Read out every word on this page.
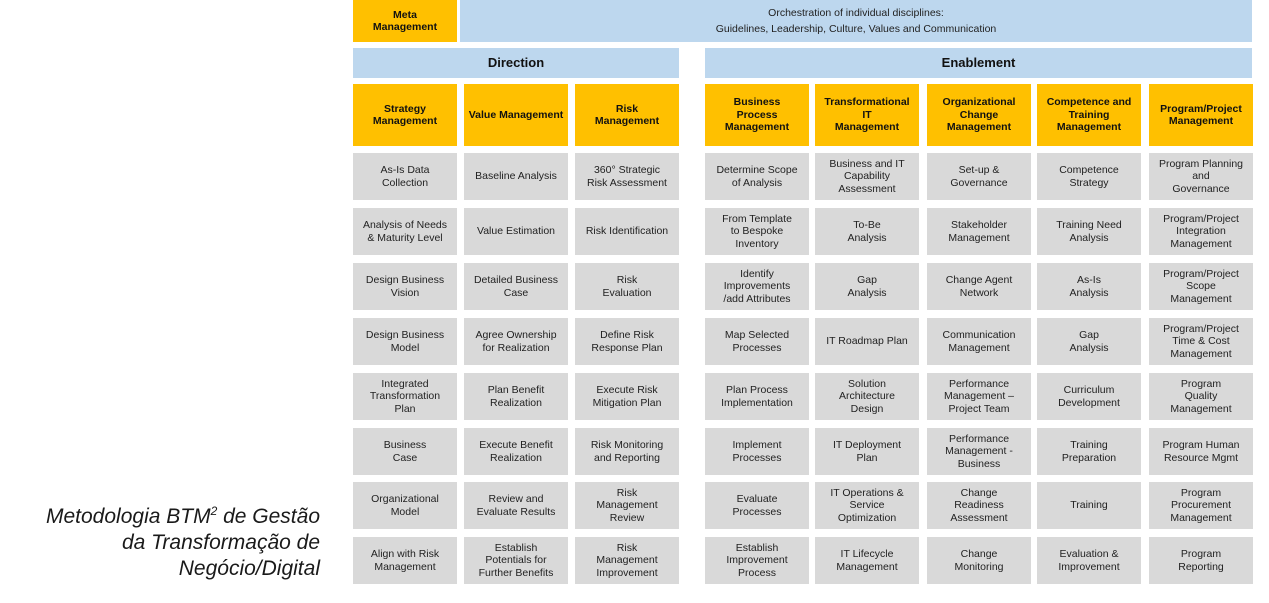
Metodologia BTM$^2$ de Gestão
da Transformação de
Negócio/Digital
Meta
Management
Orchestration of individual disciplines:
Guidelines, Leadership, Culture, Values and Communication
Direction	Enablement
Strategy
Management
As-Is Data
Collection
Analysis of Needs
& Maturity Level
Design Business
Vision
Design Business
Model
Integrated
Transformation
Plan
Business
Case
Organizational
Model
Align with Risk
Management
Value Management
Baseline Analysis
Value Estimation
Detailed Business
Case
Agree Ownership
for Realization
Plan Benefit
Realization
Execute Benefit
Realization
Review and
Evaluate Results
Establish
Potentials for
Further Benefits
Risk
Management
360° Strategic
Risk Assessment
Risk Identification
Risk
Evaluation
Define Risk
Response Plan
Execute Risk
Mitigation Plan
Risk Monitoring
and Reporting
Risk
Management
Review
Risk
Management
Improvement
Business
Process
Management
Determine Scope
of Analysis
From Template
to Bespoke
Inventory
Identify
Improvements
/add Attributes
Map Selected
Processes
Plan Process
Implementation
Implement
Processes
Evaluate
Processes
Establish
Improvement
Process
Transformational IT
Management
Business and IT
Capability
Assessment
To-Be
Analysis
Gap
Analysis
IT Roadmap Plan
Solution
Architecture
Design
IT Deployment
Plan
IT Operations &
Service
Optimization
IT Lifecycle
Management
Organizational
Change
Management
Set-up &
Governance
Stakeholder
Management
Change Agent
Network
Communication
Management
Performance
Management –
Project Team
Performance
Management -
Business
Change
Readiness
Assessment
Change
Monitoring
Competence and
Training
Management
Competence
Strategy
Training Need
Analysis
As-Is
Analysis
Gap
Analysis
Curriculum
Development
Training
Preparation
Training
Evaluation &
Improvement
Program/Project
Management
Program Planning
and
Governance
Program/Project
Integration
Management
Program/Project
Scope
Management
Program/Project
Time & Cost
Management
Program
Quality
Management
Program Human
Resource Mgmt
Program
Procurement
Management
Program
Reporting
